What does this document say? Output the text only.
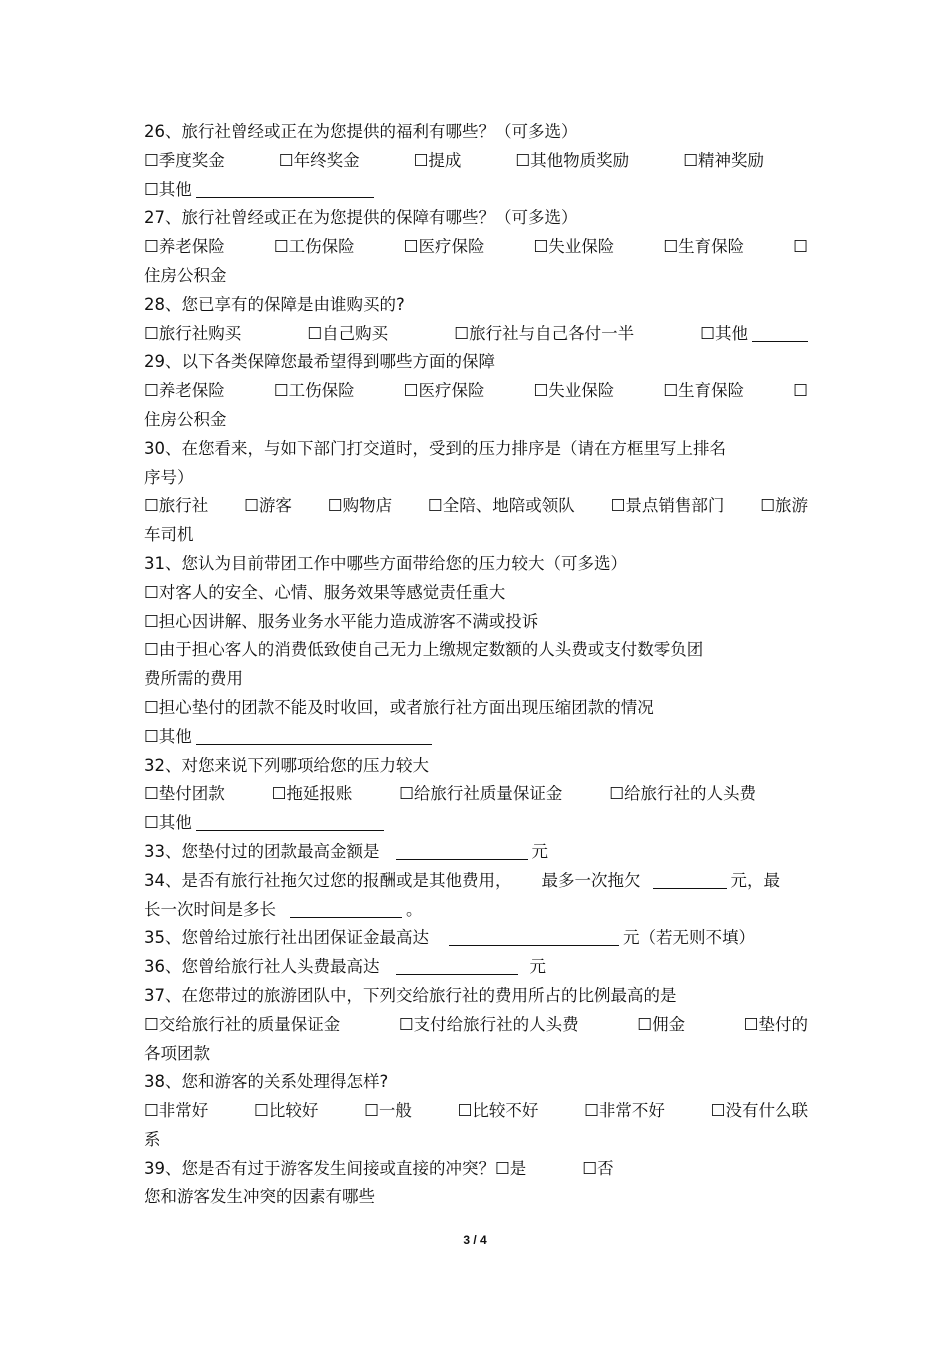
26、旅行社曾经或正在为您提供的福利有哪些？（可多选）
☐季度奖金	☐年终奖金	☐提成	☐其他物质奖励	☐精神奖励
☐其他
27、旅行社曾经或正在为您提供的保障有哪些？（可多选）
☐养老保险	☐工伤保险	☐医疗保险	☐失业保险	☐生育保险	☐
住房公积金
28、您已享有的保障是由谁购买的?
☐旅行社购买	☐自己购买	☐旅行社与自己各付一半	☐其他
29、以下各类保障您最希望得到哪些方面的保障
☐养老保险	☐工伤保险	☐医疗保险	☐失业保险	☐生育保险	☐
住房公积金
30、在您看来，与如下部门打交道时，受到的压力排序是（请在方框里写上排名
序号）
☐旅行社 ☐游客 ☐购物店 ☐全陪、地陪或领队 ☐景点销售部门 ☐旅游
车司机
31、您认为目前带团工作中哪些方面带给您的压力较大（可多选）
☐对客人的安全、心情、服务效果等感觉责任重大
☐担心因讲解、服务业务水平能力造成游客不满或投诉
☐由于担心客人的消费低致使自己无力上缴规定数额的人头费或支付数零负团
费所需的费用
☐担心垫付的团款不能及时收回，或者旅行社方面出现压缩团款的情况
☐其他
32、对您来说下列哪项给您的压力较大
☐垫付团款	☐拖延报账	☐给旅行社质量保证金	☐给旅行社的人头费
☐其他
33、您垫付过的团款最高金额是	元
34、是否有旅行社拖欠过您的报酬或是其他费用， 最多一次拖欠	元，最
长一次时间是多长	。
35、您曾给过旅行社出团保证金最高达	元（若无则不填）
36、您曾给旅行社人头费最高达	元
37、在您带过的旅游团队中，下列交给旅行社的费用所占的比例最高的是
☐交给旅行社的质量保证金	☐支付给旅行社的人头费	☐佣金	☐垫付的
各项团款
38、您和游客的关系处理得怎样?
☐非常好	☐比较好	☐一般	☐比较不好	☐非常不好	☐没有什么联
系
39、您是否有过于游客发生间接或直接的冲突？☐是	☐否
您和游客发生冲突的因素有哪些
3 / 4
